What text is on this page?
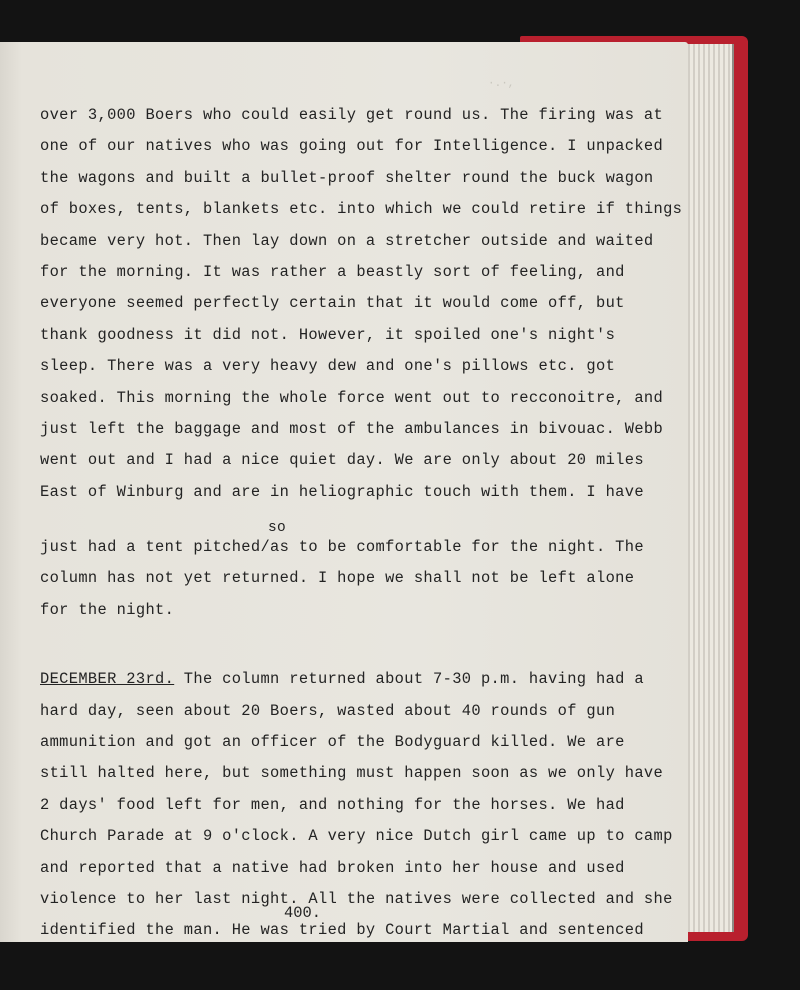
·.·,
over 3,000 Boers who could easily get round us. The firing was at
one of our natives who was going out for Intelligence. I unpacked
the wagons and built a bullet-proof shelter round the buck wagon
of boxes, tents, blankets etc. into which we could retire if things
became very hot. Then lay down on a stretcher outside and waited
for the morning. It was rather a beastly sort of feeling, and
everyone seemed perfectly certain that it would come off, but
thank goodness it did not. However, it spoiled one's night's
sleep. There was a very heavy dew and one's pillows etc. got
soaked. This morning the whole force went out to recconoitre, and
just left the baggage and most of the ambulances in bivouac. Webb
went out and I had a nice quiet day. We are only about 20 miles
East of Winburg and are in heliographic touch with them. I have
so
just had a tent pitched/as to be comfortable for the night. The
column has not yet returned. I hope we shall not be left alone
for the night.
DECEMBER 23rd. The column returned about 7-30 p.m. having had a
hard day, seen about 20 Boers, wasted about 40 rounds of gun
ammunition and got an officer of the Bodyguard killed. We are
still halted here, but something must happen soon as we only have
2 days' food left for men, and nothing for the horses. We had
Church Parade at 9 o'clock. A very nice Dutch girl came up to camp
and reported that a native had broken into her house and used
violence to her last night. All the natives were collected and she
identified the man. He was tried by Court Martial and sentenced
400.
